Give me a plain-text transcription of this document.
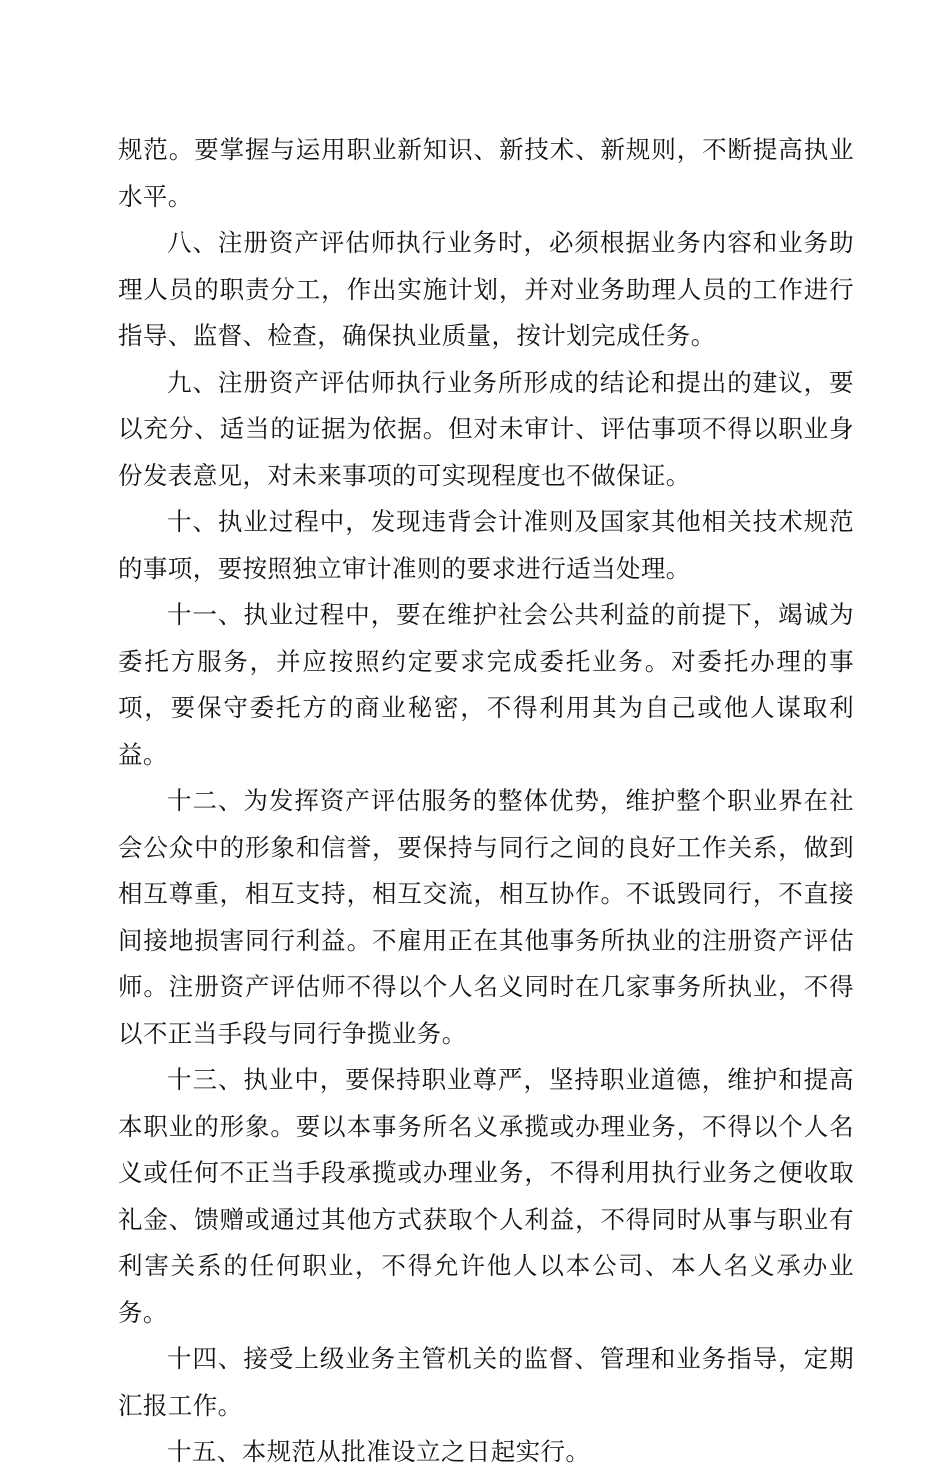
规范。要掌握与运用职业新知识、新技术、新规则，不断提高执业水平。

八、注册资产评估师执行业务时，必须根据业务内容和业务助理人员的职责分工，作出实施计划，并对业务助理人员的工作进行指导、监督、检查，确保执业质量，按计划完成任务。

九、注册资产评估师执行业务所形成的结论和提出的建议，要以充分、适当的证据为依据。但对未审计、评估事项不得以职业身份发表意见，对未来事项的可实现程度也不做保证。

十、执业过程中，发现违背会计准则及国家其他相关技术规范的事项，要按照独立审计准则的要求进行适当处理。

十一、执业过程中，要在维护社会公共利益的前提下，竭诚为委托方服务，并应按照约定要求完成委托业务。对委托办理的事项，要保守委托方的商业秘密，不得利用其为自己或他人谋取利益。

十二、为发挥资产评估服务的整体优势，维护整个职业界在社会公众中的形象和信誉，要保持与同行之间的良好工作关系，做到相互尊重，相互支持，相互交流，相互协作。不诋毁同行，不直接间接地损害同行利益。不雇用正在其他事务所执业的注册资产评估师。注册资产评估师不得以个人名义同时在几家事务所执业，不得以不正当手段与同行争揽业务。

十三、执业中，要保持职业尊严，坚持职业道德，维护和提高本职业的形象。要以本事务所名义承揽或办理业务，不得以个人名义或任何不正当手段承揽或办理业务，不得利用执行业务之便收取礼金、馈赠或通过其他方式获取个人利益，不得同时从事与职业有利害关系的任何职业，不得允许他人以本公司、本人名义承办业务。

十四、接受上级业务主管机关的监督、管理和业务指导，定期汇报工作。

十五、本规范从批准设立之日起实行。
